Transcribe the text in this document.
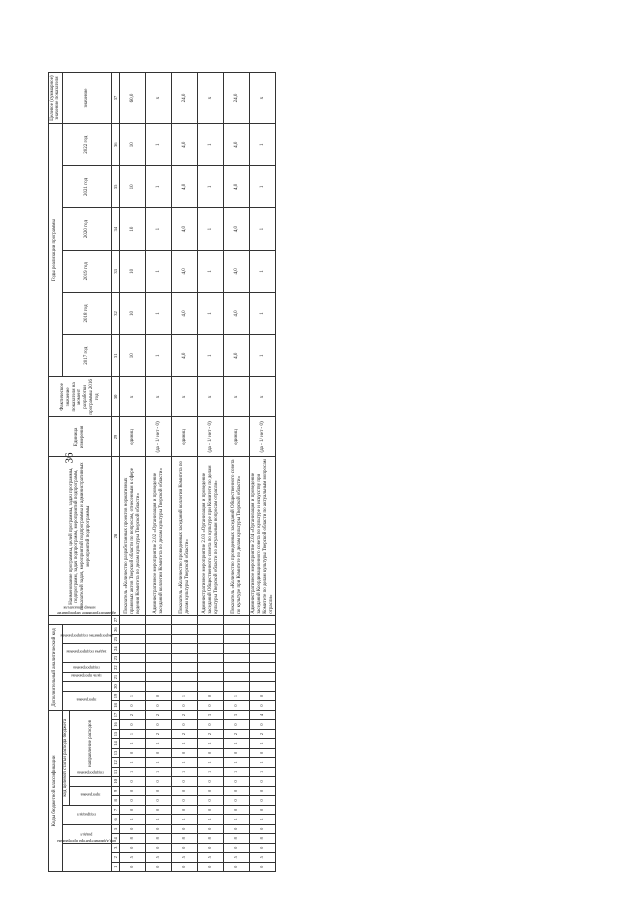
36
Коды бюджетной классификации																	Дополнительный аналитический код									номер показателя	Наименование программы, целей программы, задач программы, подпрограмм, задач подпрограмм, мероприятий подпрограмм, показателей задач, мероприятий подпрограммы и административных мероприятий подпрограммы	Единица измерения	Фактическое значение показателя на момент разработки программы 2016 год	Годы реализации программы						Целевое (суммарное) значение показателя
код администратора программы			раздел		подраздел		код целевой статьи расхода бюджета										программа		цель программы	подпрограмма	задача подпрограммы	мероприятие подпрограммы		административное мероприятие						2017 год	2018 год	2019 год	2020 год	2021 год	2022 год	значение
							программа		подпрограмма	направление расходов																										
1	2	3	4	5	6	7	8	9	10	11	12	13	14	15	16	17	18	19	20	21	22	23	24	25	26	27	28	29	30	31	32	33	34	35	36	37
0	5	0	8	0	1	0	0	0	0	1	1	0	1	1	0	2	0	1									Показатель «Количество разработанных проектов нормативных правовых актов Тверской области по вопросам, отнесенным к сфере ведения Комитета по делам культуры Тверской области»	единиц	х	10	10	10	10	10	10	60,0
0	5	0	8	0	1	0	0	0	0	1	1	0	1	2	0	2	0	0									Административное мероприятие 2.02 «Организация и проведение заседаний коллегии Комитета по делам культуры Тверской области»	(да - 1/ нет - 0)	х	1	1	1	1	1	1	х
0	5	0	8	0	1	0	0	0	0	1	1	0	1	2	0	2	0	1									Показатель «Количество проведенных заседаний коллегии Комитета по делам культуры Тверской области»	единиц	х	4,0	4,0	4,0	4,0	4,0	4,0	24,0
0	5	0	8	0	1	0	0	0	0	1	1	0	1	2	0	3	0	0									Административное мероприятие 2.03 «Организация и проведение заседаний Общественного совета по культуре при Комитете по делам культуры Тверской области по актуальным вопросам отрасли»	(да - 1/ нет - 0)	х	1	1	1	1	1	1	х
0	5	0	8	0	1	0	0	0	0	1	1	0	1	2	0	3	0	1									Показатель «Количество проведенных заседаний Общественного совета по культуре при Комитете по делам культуры Тверской области»	единиц	х	4,0	4,0	4,0	4,0	4,0	4,0	24,0
0	5	0	8	0	1	0	0	0	0	1	1	0	1	2	0	4	0	0									Административное мероприятие 2.04 «Организация и проведение заседаний Координационного совета по культуре и искусству при Комитете по делам культуры Тверской области по актуальным вопросам отрасли»	(да - 1/ нет - 0)	х	1	1	1	1	1	1	х
